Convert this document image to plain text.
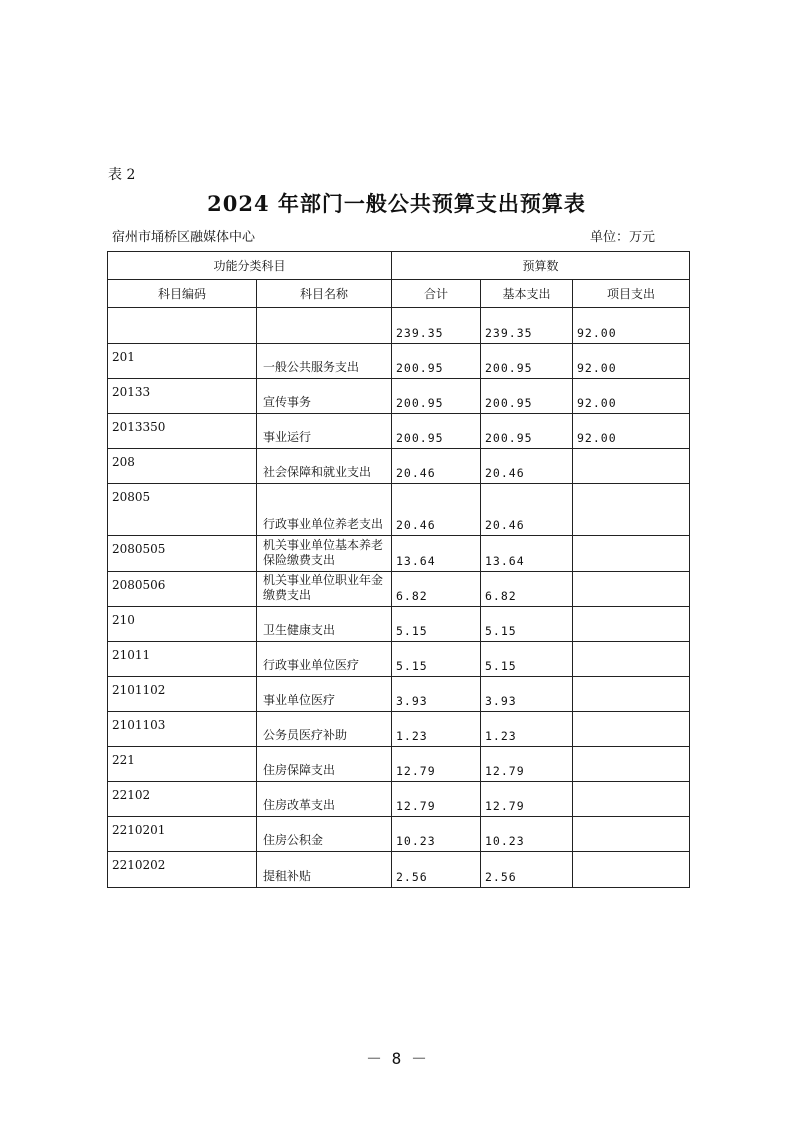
表 2
2024 年部门一般公共预算支出预算表
宿州市埇桥区融媒体中心	单位：万元
功能分类科目		预算数		
科目编码	科目名称	合计	基本支出	项目支出
		239.35	239.35	92.00
201	一般公共服务支出	200.95	200.95	92.00
20133	宣传事务	200.95	200.95	92.00
2013350	事业运行	200.95	200.95	92.00
208	社会保障和就业支出	20.46	20.46	
20805	行政事业单位养老支出	20.46	20.46	
2080505	机关事业单位基本养老保险缴费支出	13.64	13.64	
2080506	机关事业单位职业年金缴费支出	6.82	6.82	
210	卫生健康支出	5.15	5.15	
21011	行政事业单位医疗	5.15	5.15	
2101102	事业单位医疗	3.93	3.93	
2101103	公务员医疗补助	1.23	1.23	
221	住房保障支出	12.79	12.79	
22102	住房改革支出	12.79	12.79	
2210201	住房公积金	10.23	10.23	
2210202	提租补贴	2.56	2.56	
－ 8 －
